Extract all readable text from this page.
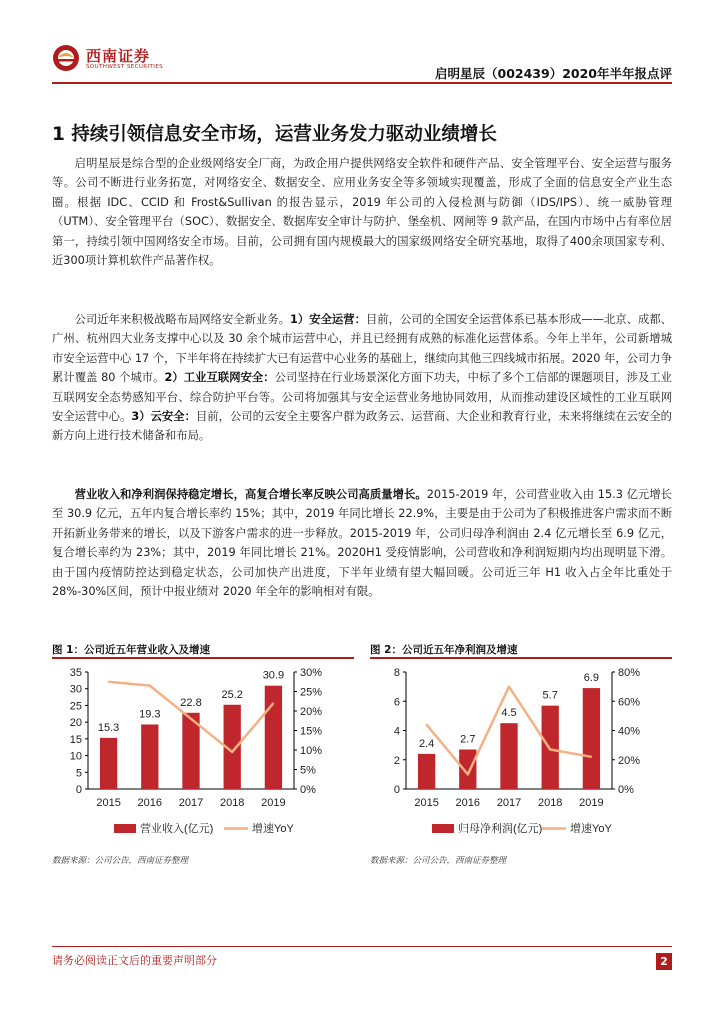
西南证券
SOUTHWEST SECURITIES	启明星辰（002439）2020年半年报点评
1 持续引领信息安全市场，运营业务发力驱动业绩增长

启明星辰是综合型的企业级网络安全厂商，为政企用户提供网络安全软件和硬件产品、安全管理平台、安全运营与服务等。公司不断进行业务拓宽，对网络安全、数据安全、应用业务安全等多领域实现覆盖，形成了全面的信息安全产业生态圈。根据 IDC、CCID 和 Frost&Sullivan 的报告显示，2019 年公司的入侵检测与防御（IDS/IPS）、统一威胁管理（UTM）、安全管理平台（SOC）、数据安全、数据库安全审计与防护、堡垒机、网闸等 9 款产品，在国内市场中占有率位居第一，持续引领中国网络安全市场。目前，公司拥有国内规模最大的国家级网络安全研究基地，取得了400余项国家专利、近300项计算机软件产品著作权。

公司近年来积极战略布局网络安全新业务。1）安全运营：目前，公司的全国安全运营体系已基本形成——北京、成都、广州、杭州四大业务支撑中心以及 30 余个城市运营中心，并且已经拥有成熟的标准化运营体系。今年上半年，公司新增城市安全运营中心 17 个，下半年将在持续扩大已有运营中心业务的基础上，继续向其他三四线城市拓展。2020 年，公司力争累计覆盖 80 个城市。2）工业互联网安全：公司坚持在行业场景深化方面下功夫，中标了多个工信部的课题项目，涉及工业互联网安全态势感知平台、综合防护平台等。公司将加强其与安全运营业务地协同效用，从而推动建设区域性的工业互联网安全运营中心。3）云安全：目前，公司的云安全主要客户群为政务云、运营商、大企业和教育行业，未来将继续在云安全的新方向上进行技术储备和布局。

营业收入和净利润保持稳定增长，高复合增长率反映公司高质量增长。2015-2019 年，公司营业收入由 15.3 亿元增长至 30.9 亿元，五年内复合增长率约 15%；其中，2019 年同比增长 22.9%，主要是由于公司为了积极推进客户需求而不断开拓新业务带来的增长，以及下游客户需求的进一步释放。2015-2019 年，公司归母净利润由 2.4 亿元增长至 6.9 亿元，复合增长率约为 23%；其中，2019 年同比增长 21%。2020H1 受疫情影响，公司营收和净利润短期内均出现明显下滑。由于国内疫情防控达到稳定状态，公司加快产出进度，下半年业绩有望大幅回暖。公司近三年 H1 收入占全年比重处于 28%-30%区间，预计中报业绩对 2020 年全年的影响相对有限。

图 1：公司近五年营业收入及增速
0
5
10
15
20
25
30
35
0%
5%
10%
15%
20%
25%
30%
15.3
2015
19.3
2016
22.8
2017
25.2
2018
30.9
2019
营业收入(亿元)	增速YoY
数据来源：公司公告，西南证券整理
图 2：公司近五年净利润及增速
0
2
4
6
8
0%
20%
40%
60%
80%
2.4
2015
2.7
2016
4.5
2017
5.7
2018
6.9
2019
归母净利润(亿元)	增速YoY
数据来源：公司公告，西南证券整理
请务必阅读正文后的重要声明部分	2
